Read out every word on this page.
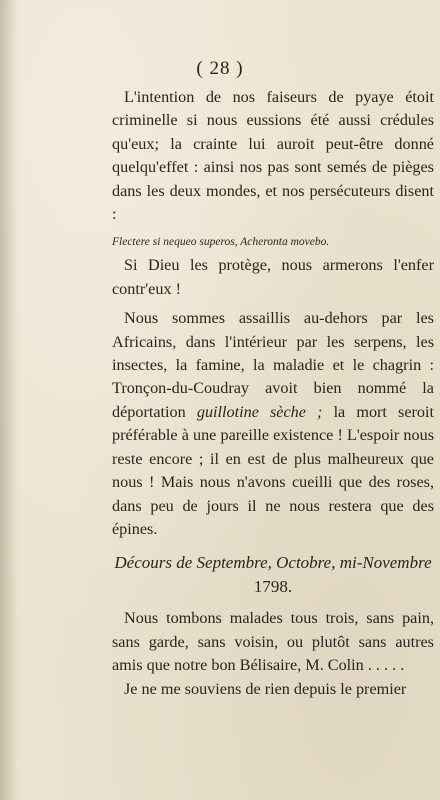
( 28 )

L'intention de nos faiseurs de pyaye étoit criminelle si nous eussions été aussi crédules qu'eux; la crainte lui auroit peut-être donné quelqu'effet : ainsi nos pas sont semés de pièges dans les deux mondes, et nos persécuteurs disent :

Flectere si nequeo superos, Acheronta movebo.

Si Dieu les protège, nous armerons l'enfer contr'eux !

Nous sommes assaillis au-dehors par les Africains, dans l'intérieur par les serpens, les insectes, la famine, la maladie et le chagrin : Tronçon-du-Coudray avoit bien nommé la déportation guillotine sèche ; la mort seroit préférable à une pareille existence ! L'espoir nous reste encore ; il en est de plus malheureux que nous ! Mais nous n'avons cueilli que des roses, dans peu de jours il ne nous restera que des épines.

Décours de Septembre, Octobre, mi-Novembre 1798.

Nous tombons malades tous trois, sans pain, sans garde, sans voisin, ou plutôt sans autres amis que notre bon Bélisaire, M. Colin . . . . .

Je ne me souviens de rien depuis le premier
